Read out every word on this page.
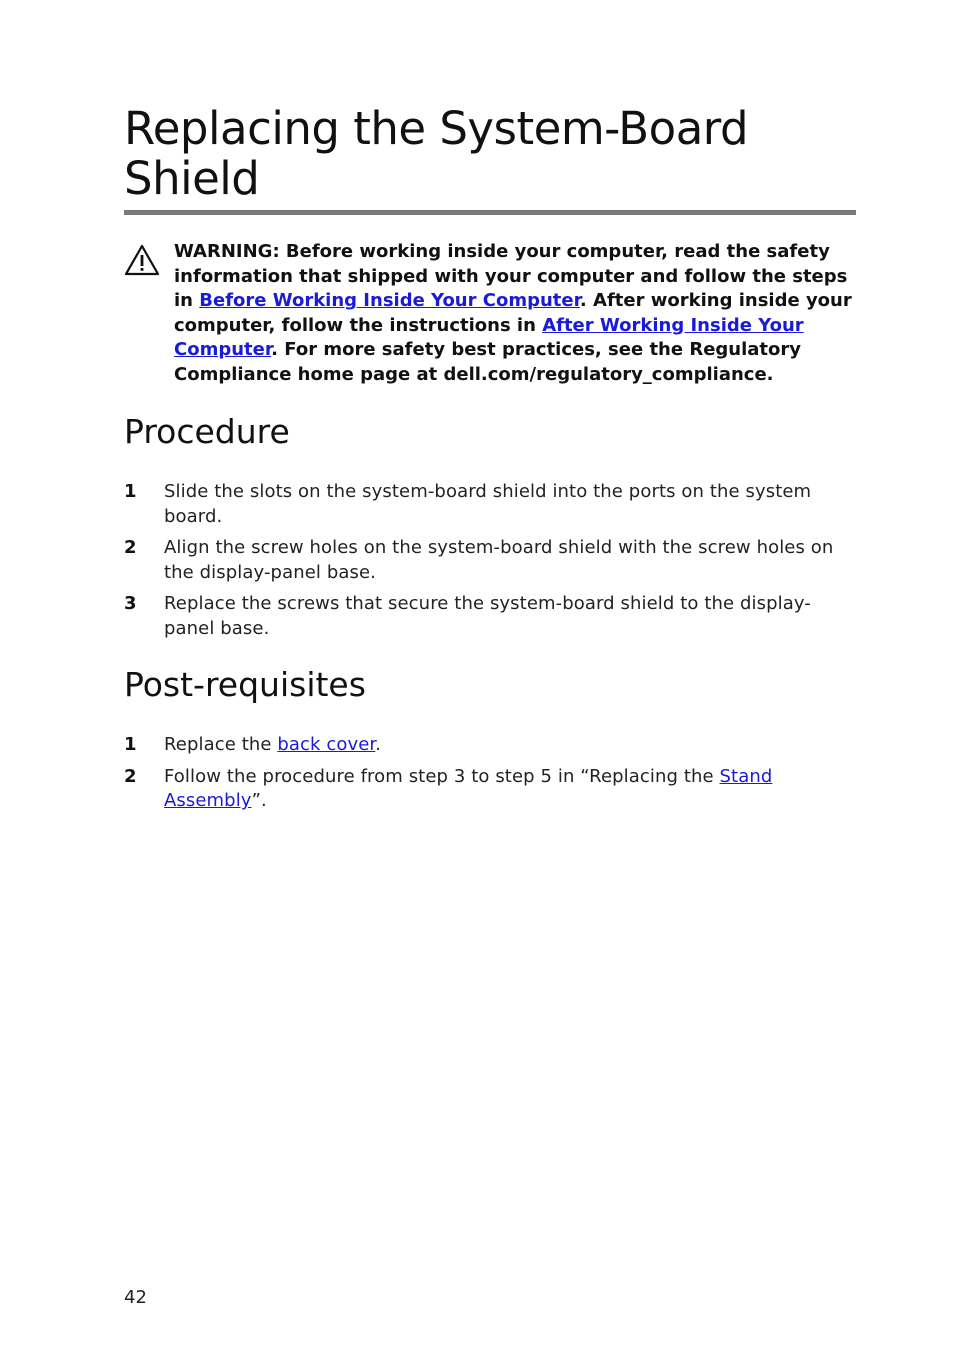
Replacing the System-Board Shield
WARNING: Before working inside your computer, read the safety information that shipped with your computer and follow the steps in Before Working Inside Your Computer. After working inside your computer, follow the instructions in After Working Inside Your Computer. For more safety best practices, see the Regulatory Compliance home page at dell.com/regulatory_compliance.
Procedure
1 Slide the slots on the system-board shield into the ports on the system board.
2 Align the screw holes on the system-board shield with the screw holes on the display-panel base.
3 Replace the screws that secure the system-board shield to the display-panel base.
Post-requisites
1 Replace the back cover.
2 Follow the procedure from step 3 to step 5 in “Replacing the Stand Assembly”.
42
